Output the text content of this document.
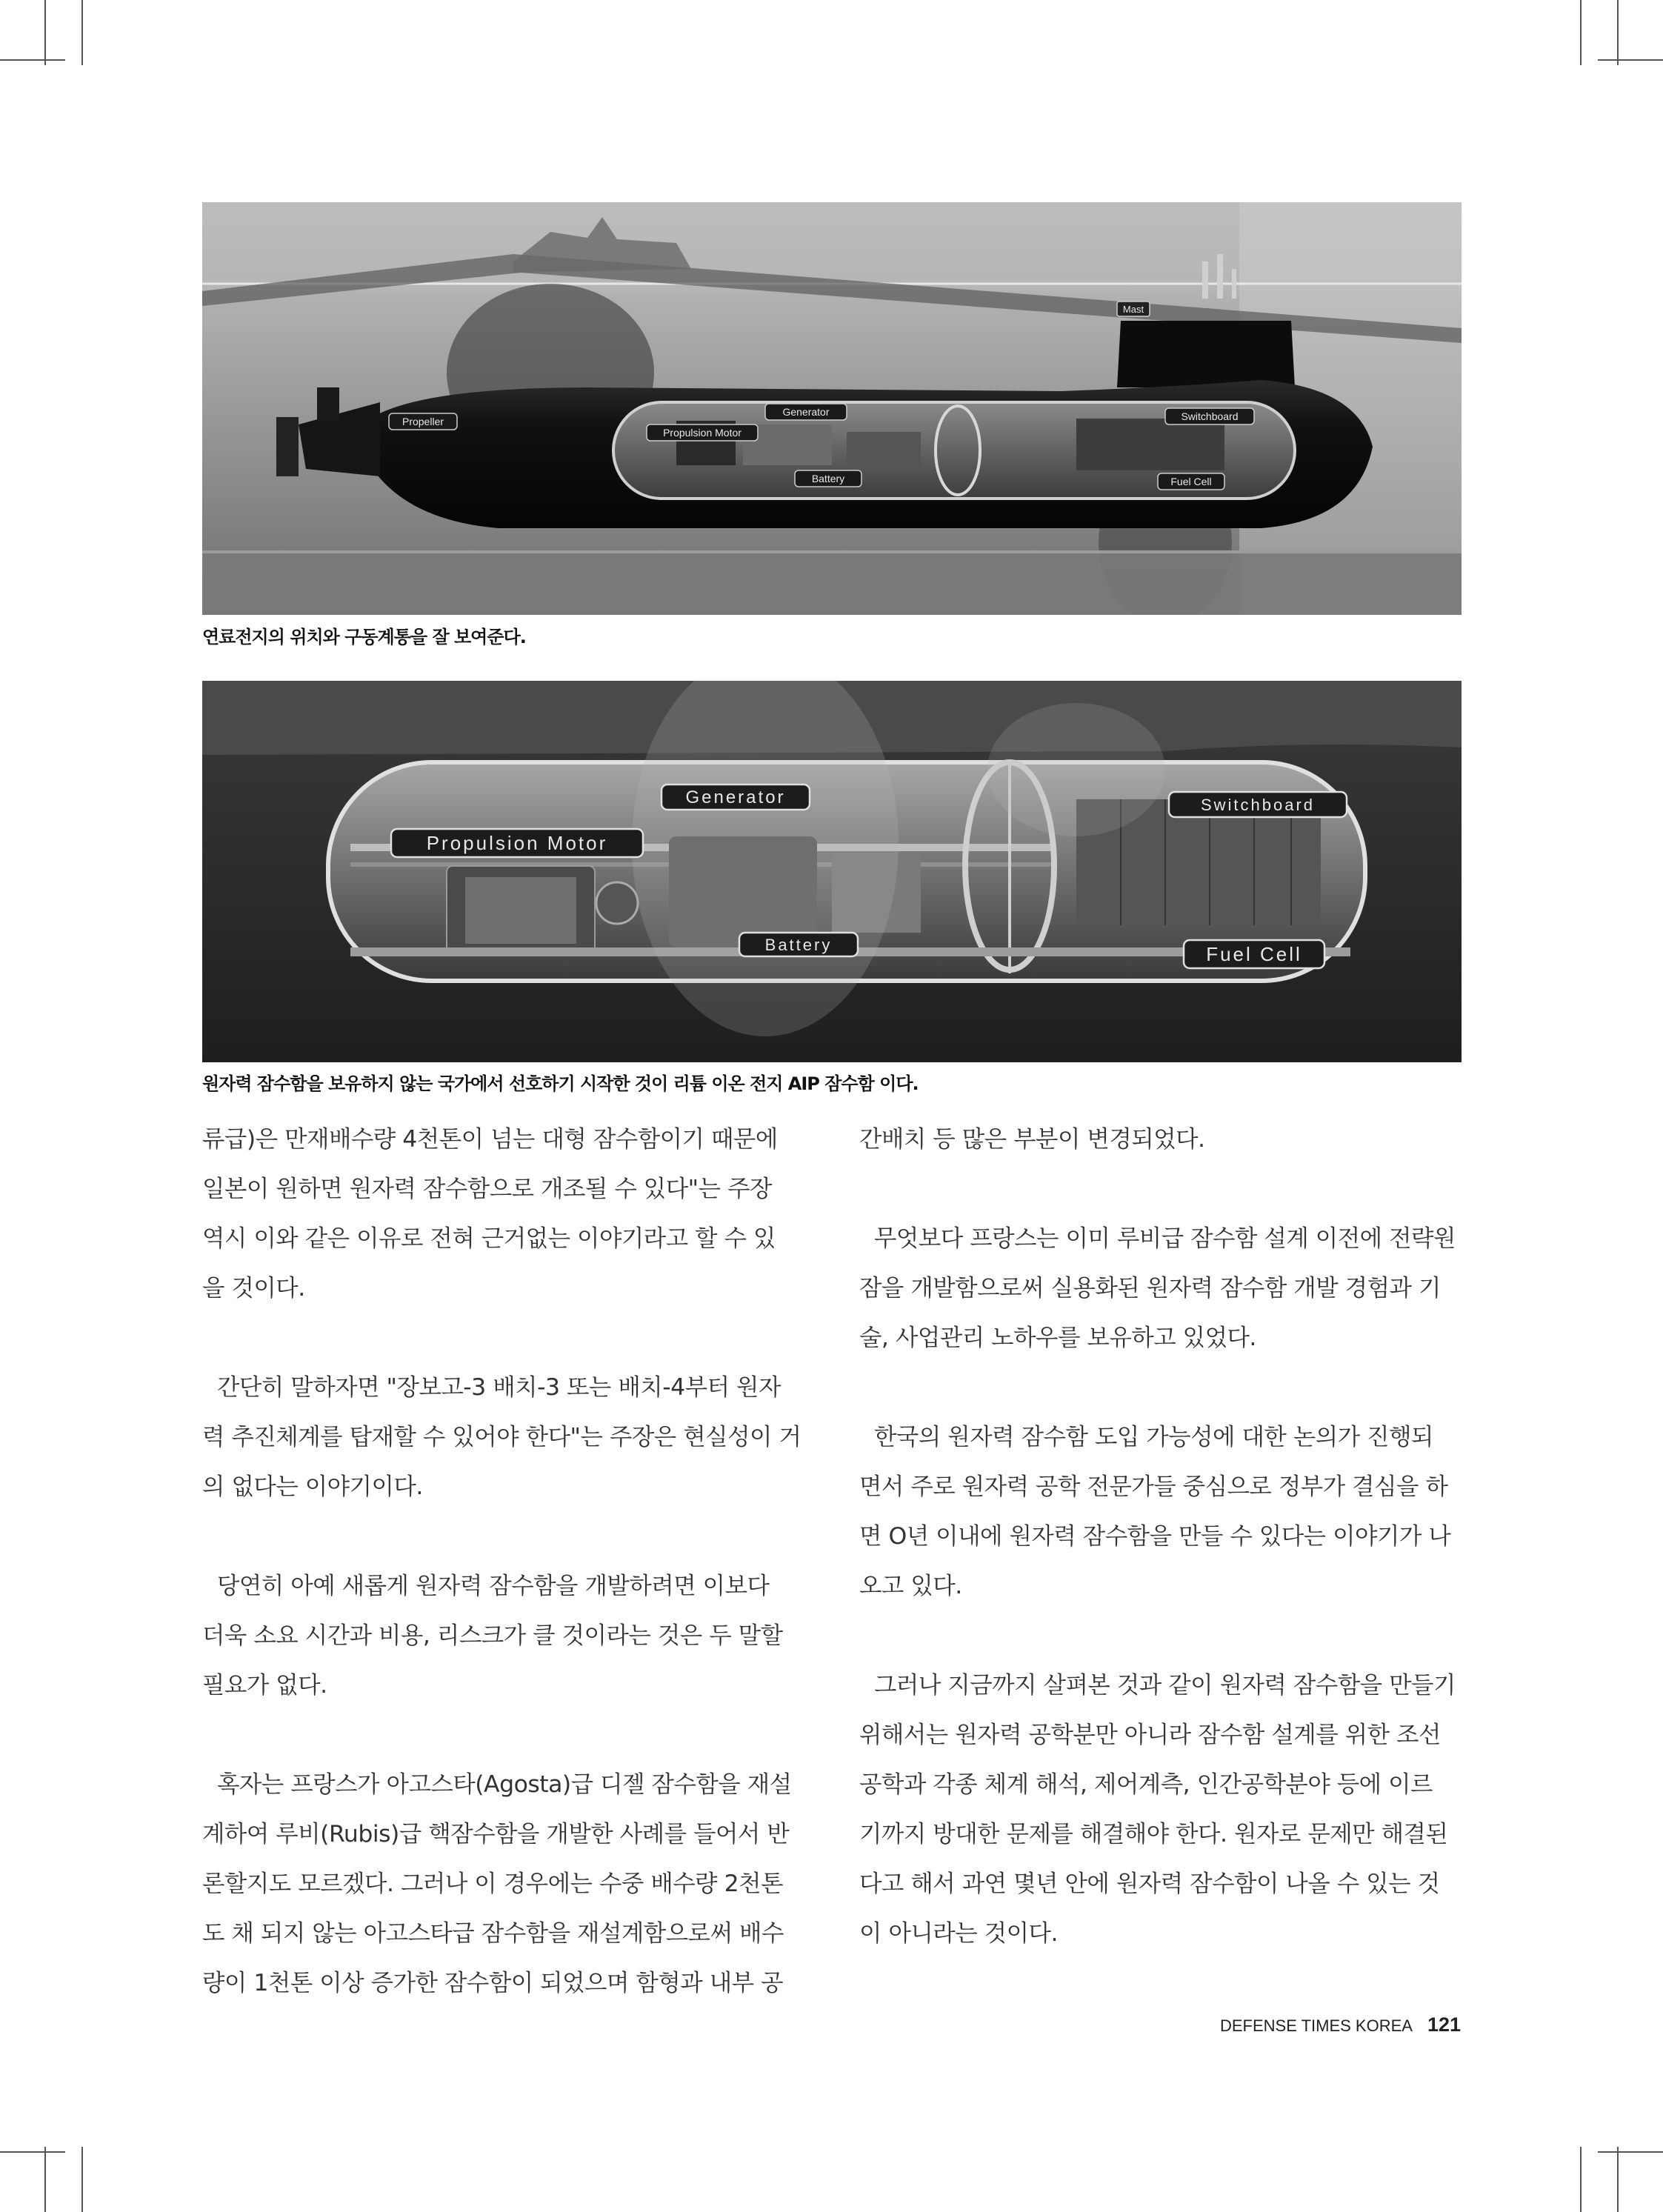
Mast
Propeller
Generator
Propulsion Motor
Switchboard
Battery	Fuel Cell
연료전지의 위치와 구동계통을 잘 보여준다.
Generator
Propulsion Motor
Switchboard
Battery	Fuel Cell
원자력 잠수함을 보유하지 않는 국가에서 선호하기 시작한 것이 리튬 이온 전지 AIP 잠수함 이다.

류급)은 만재배수량 4천톤이 넘는 대형 잠수함이기 때문에
일본이 원하면 원자력 잠수함으로 개조될 수 있다"는 주장
역시 이와 같은 이유로 전혀 근거없는 이야기라고 할 수 있
을 것이다.

간단히 말하자면 "장보고-3 배치-3 또는 배치-4부터 원자
력 추진체계를 탑재할 수 있어야 한다"는 주장은 현실성이 거
의 없다는 이야기이다.

당연히 아예 새롭게 원자력 잠수함을 개발하려면 이보다
더욱 소요 시간과 비용, 리스크가 클 것이라는 것은 두 말할
필요가 없다.

혹자는 프랑스가 아고스타(Agosta)급 디젤 잠수함을 재설
계하여 루비(Rubis)급 핵잠수함을 개발한 사례를 들어서 반
론할지도 모르겠다. 그러나 이 경우에는 수중 배수량 2천톤
도 채 되지 않는 아고스타급 잠수함을 재설계함으로써 배수
량이 1천톤 이상 증가한 잠수함이 되었으며 함형과 내부 공

간배치 등 많은 부분이 변경되었다.

무엇보다 프랑스는 이미 루비급 잠수함 설계 이전에 전략원
잠을 개발함으로써 실용화된 원자력 잠수함 개발 경험과 기
술, 사업관리 노하우를 보유하고 있었다.

한국의 원자력 잠수함 도입 가능성에 대한 논의가 진행되
면서 주로 원자력 공학 전문가들 중심으로 정부가 결심을 하
면 O년 이내에 원자력 잠수함을 만들 수 있다는 이야기가 나
오고 있다.

그러나 지금까지 살펴본 것과 같이 원자력 잠수함을 만들기
위해서는 원자력 공학분만 아니라 잠수함 설계를 위한 조선
공학과 각종 체계 해석, 제어계측, 인간공학분야 등에 이르
기까지 방대한 문제를 해결해야 한다. 원자로 문제만 해결된
다고 해서 과연 몇년 안에 원자력 잠수함이 나올 수 있는 것
이 아니라는 것이다.

DEFENSE TIMES KOREA 121
